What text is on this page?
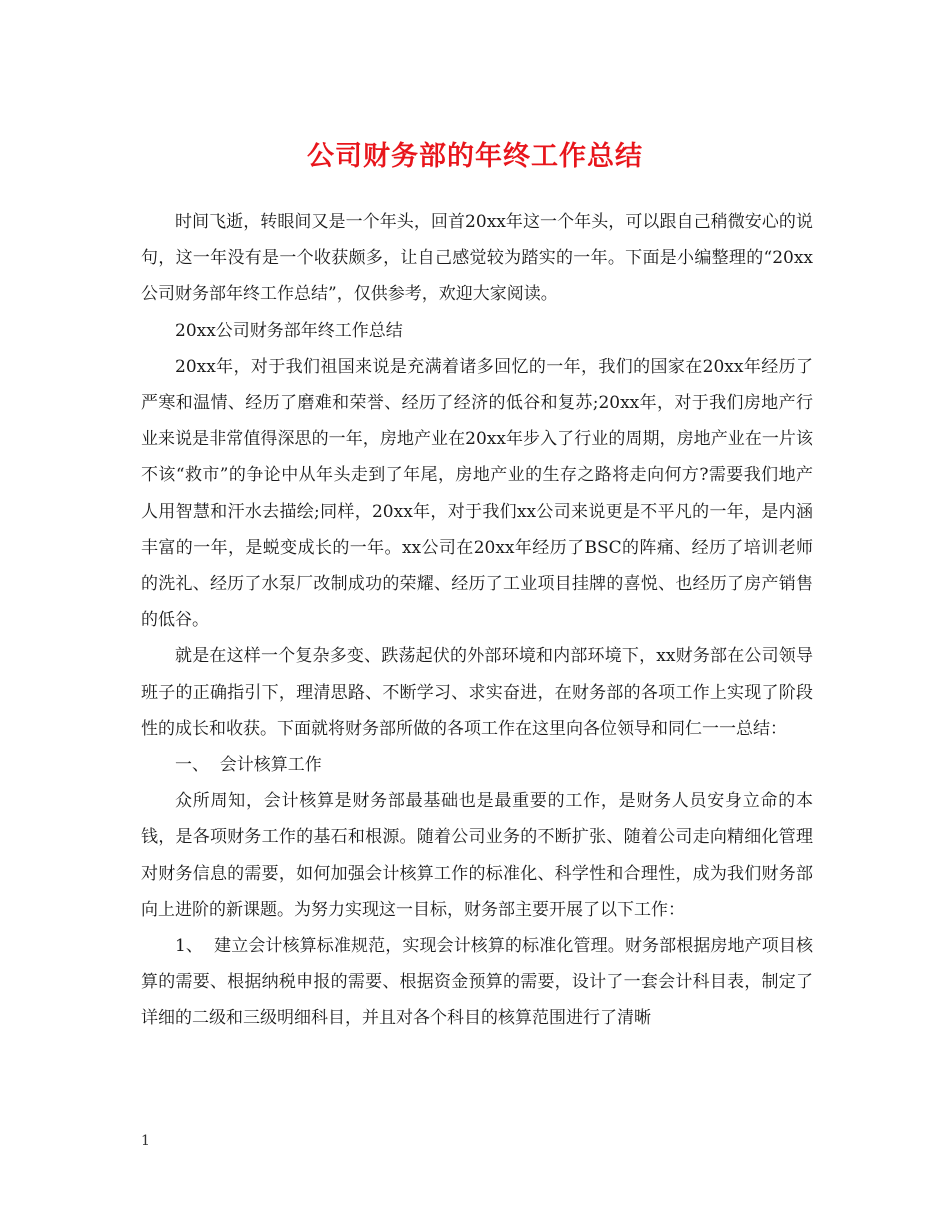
公司财务部的年终工作总结

时间飞逝，转眼间又是一个年头，回首20xx年这一个年头，可以跟自己稍微安心的说句，这一年没有是一个收获颇多，让自己感觉较为踏实的一年。下面是小编整理的“20xx公司财务部年终工作总结”，仅供参考，欢迎大家阅读。

20xx公司财务部年终工作总结

20xx年，对于我们祖国来说是充满着诸多回忆的一年，我们的国家在20xx年经历了严寒和温情、经历了磨难和荣誉、经历了经济的低谷和复苏;20xx年，对于我们房地产行业来说是非常值得深思的一年，房地产业在20xx年步入了行业的周期，房地产业在一片该不该“救市”的争论中从年头走到了年尾，房地产业的生存之路将走向何方?需要我们地产人用智慧和汗水去描绘;同样，20xx年，对于我们xx公司来说更是不平凡的一年，是内涵丰富的一年，是蜕变成长的一年。xx公司在20xx年经历了BSC的阵痛、经历了培训老师的洗礼、经历了水泵厂改制成功的荣耀、经历了工业项目挂牌的喜悦、也经历了房产销售的低谷。

就是在这样一个复杂多变、跌荡起伏的外部环境和内部环境下，xx财务部在公司领导班子的正确指引下，理清思路、不断学习、求实奋进，在财务部的各项工作上实现了阶段性的成长和收获。下面就将财务部所做的各项工作在这里向各位领导和同仁一一总结：

一、  会计核算工作

众所周知，会计核算是财务部最基础也是最重要的工作，是财务人员安身立命的本钱，是各项财务工作的基石和根源。随着公司业务的不断扩张、随着公司走向精细化管理对财务信息的需要，如何加强会计核算工作的标准化、科学性和合理性，成为我们财务部向上进阶的新课题。为努力实现这一目标，财务部主要开展了以下工作：

1、  建立会计核算标准规范，实现会计核算的标准化管理。财务部根据房地产项目核算的需要、根据纳税申报的需要、根据资金预算的需要，设计了一套会计科目表，制定了详细的二级和三级明细科目，并且对各个科目的核算范围进行了清晰

1
